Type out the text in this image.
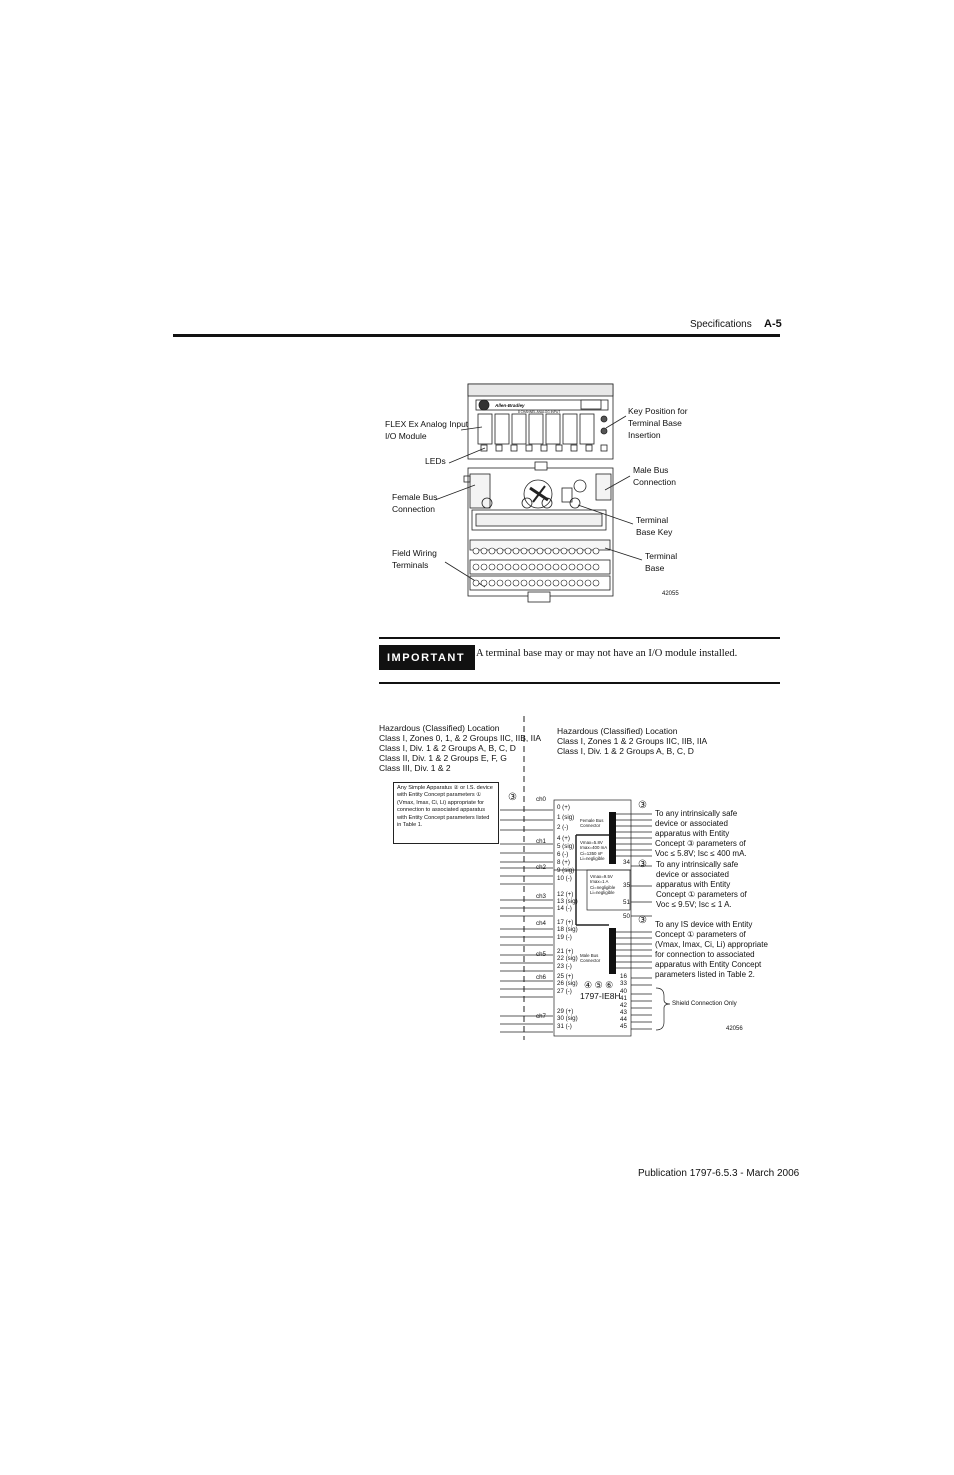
Specifications A-5
Allen-Bradley
8 CHANNEL ANALOG INPUT
FLEX Ex Analog Input
I/O Module
LEDs
Female Bus
Connection
Field Wiring
Terminals
Key Position for
Terminal Base
Insertion
Male Bus
Connection
Terminal
Base Key
Terminal
Base
42055
IMPORTANT	A terminal base may or may not have an I/O module installed.
Hazardous (Classified) Location
Class I, Zones 0, 1, & 2 Groups IIC, IIB, IIA
Class I, Div. 1 & 2 Groups A, B, C, D
Class II, Div. 1 & 2 Groups E, F, G
Class III, Div. 1 & 2
Hazardous (Classified) Location
Class I, Zones 1 & 2 Groups IIC, IIB, IIA
Class I, Div. 1 & 2 Groups A, B, C, D
Any Simple Apparatus ② or I.S. device with Entity Concept parameters ① (Vmax, Imax, Ci, Li) appropriate for connection to associated apparatus with Entity Concept parameters listed in Table 1.
③	ch0
ch1
ch2
ch3
ch4
ch5
ch6
ch7
0 (+)
1 (sig)
2 (-)
4 (+)
5 (sig)
6 (-)
8 (+)
9 (sig)
10 (-)
12 (+)
13 (sig)
14 (-)
17 (+)
18 (sig)
19 (-)
21 (+)
22 (sig)
23 (-)
25 (+)
26 (sig)
27 (-)
29 (+)
30 (sig)
31 (-)
34
35
51
50
16
33
40
41
42
43
44
45
Female Bus Connector
Male Bus Connector
Vmax=5.8V
Imax=400 mA
Ci=1350 nF
Li=negligible
Vmax=9.5V
Imax=1 A
Ci=negligible
Li=negligible
④ ⑤ ⑥
1797-IE8H
③
③
③
To any intrinsically safe
device or associated
apparatus with Entity
Concept ③ parameters of
Voc ≤ 5.8V; Isc ≤ 400 mA.
To any intrinsically safe
device or associated
apparatus with Entity
Concept ① parameters of
Voc ≤ 9.5V; Isc ≤ 1 A.
To any IS device with Entity
Concept ① parameters of
(Vmax, Imax, Ci, Li) appropriate
for connection to associated
apparatus with Entity Concept
parameters listed in Table 2.
Shield Connection Only
42056
Publication 1797-6.5.3 - March 2006
